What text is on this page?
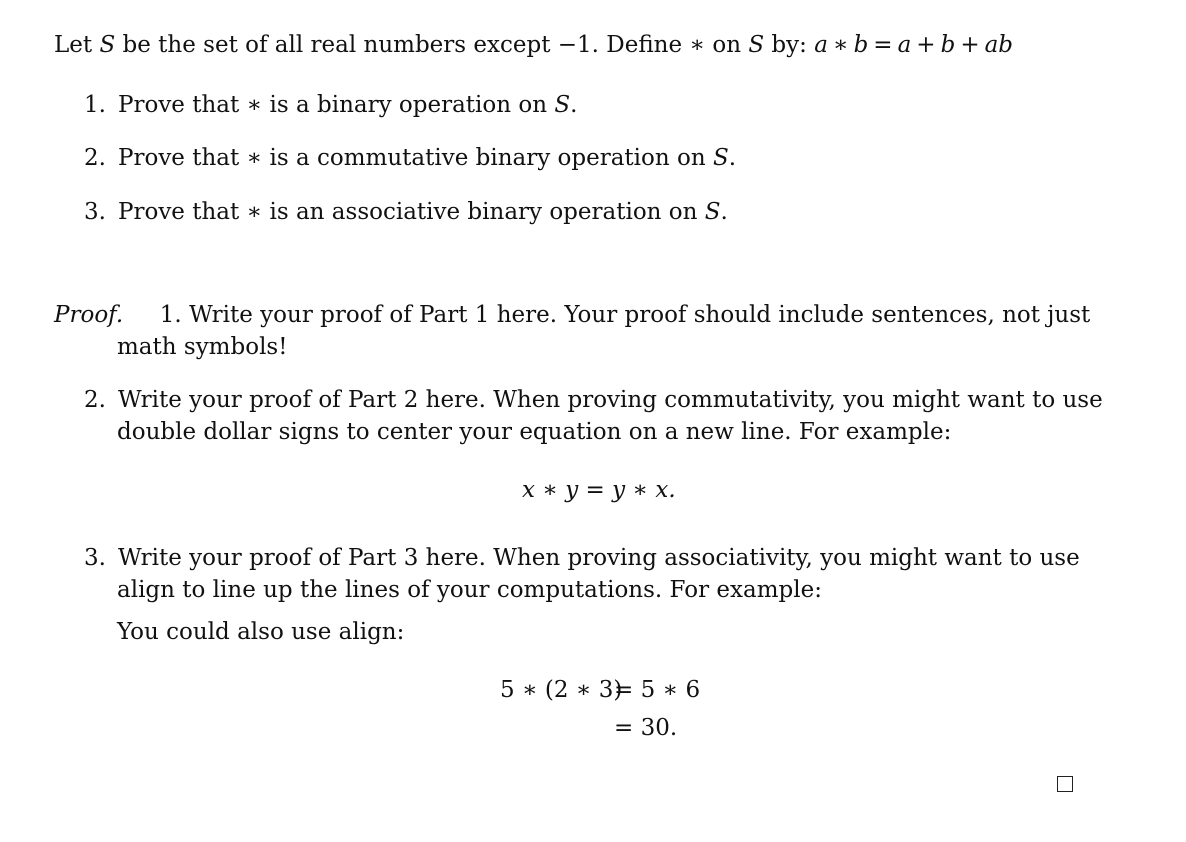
Let S be the set of all real numbers except −1. Define ∗ on S by: a ∗ b = a + b + ab
1. Prove that ∗ is a binary operation on S.
2. Prove that ∗ is a commutative binary operation on S.
3. Prove that ∗ is an associative binary operation on S.
Proof. 1. Write your proof of Part 1 here. Your proof should include sentences, not just
math symbols!
2. Write your proof of Part 2 here. When proving commutativity, you might want to use
double dollar signs to center your equation on a new line. For example:
x ∗ y = y ∗ x.
3. Write your proof of Part 3 here. When proving associativity, you might want to use
align to line up the lines of your computations. For example:
You could also use align:
5 ∗ (2 ∗ 3)
= 5 ∗ 6
= 30.
